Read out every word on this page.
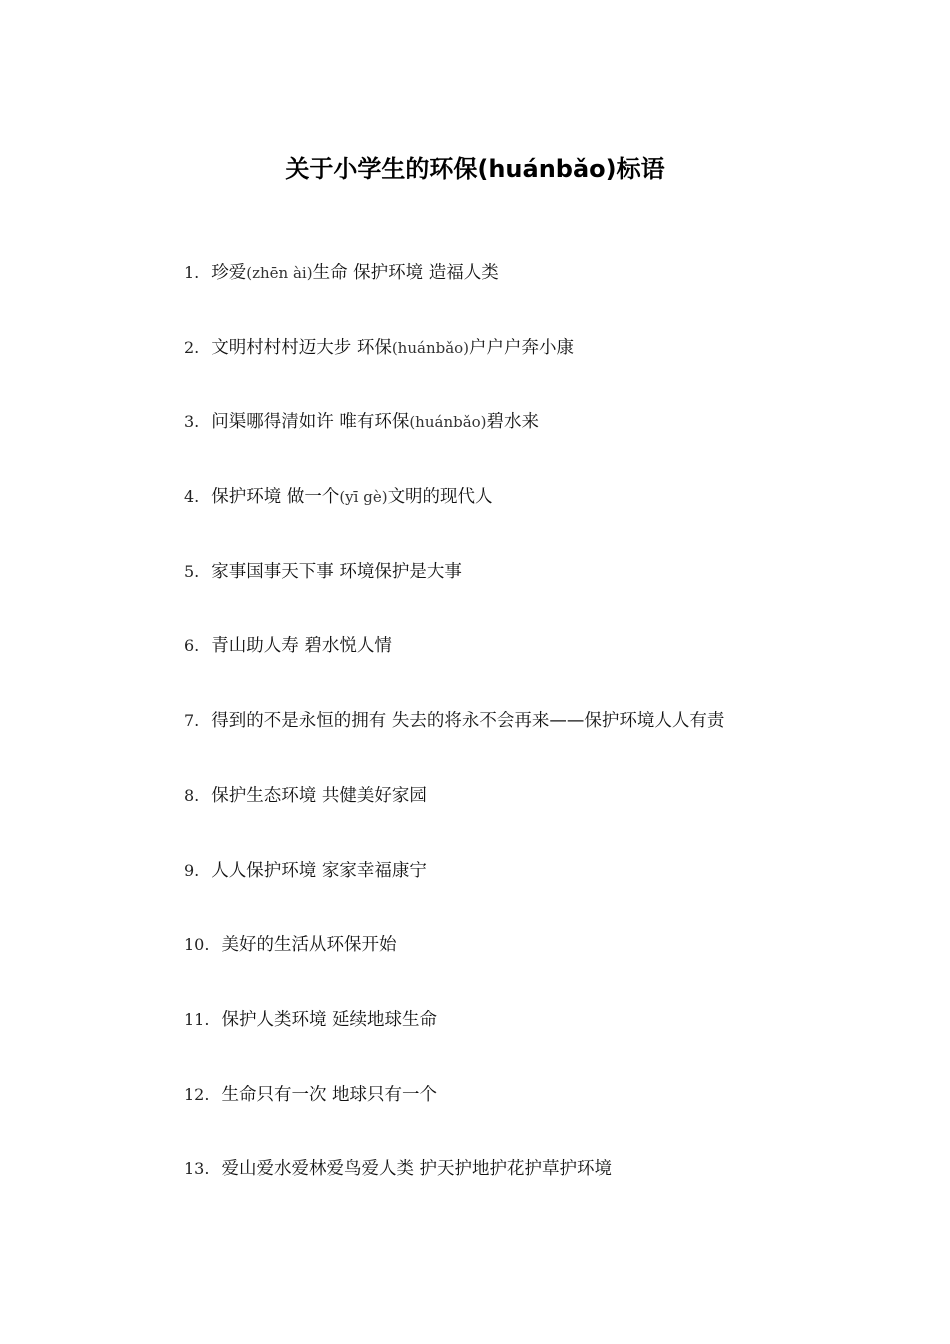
关于小学生的环保(huánbǎo)标语
1. 珍爱(zhēn ài)生命 保护环境 造福人类
2. 文明村村村迈大步 环保(huánbǎo)户户户奔小康
3. 问渠哪得清如许 唯有环保(huánbǎo)碧水来
4. 保护环境 做一个(yī gè)文明的现代人
5. 家事国事天下事 环境保护是大事
6. 青山助人寿 碧水悦人情
7. 得到的不是永恒的拥有 失去的将永不会再来——保护环境人人有责
8. 保护生态环境 共健美好家园
9. 人人保护环境 家家幸福康宁
10. 美好的生活从环保开始
11. 保护人类环境 延续地球生命
12. 生命只有一次 地球只有一个
13. 爱山爱水爱林爱鸟爱人类 护天护地护花护草护环境
